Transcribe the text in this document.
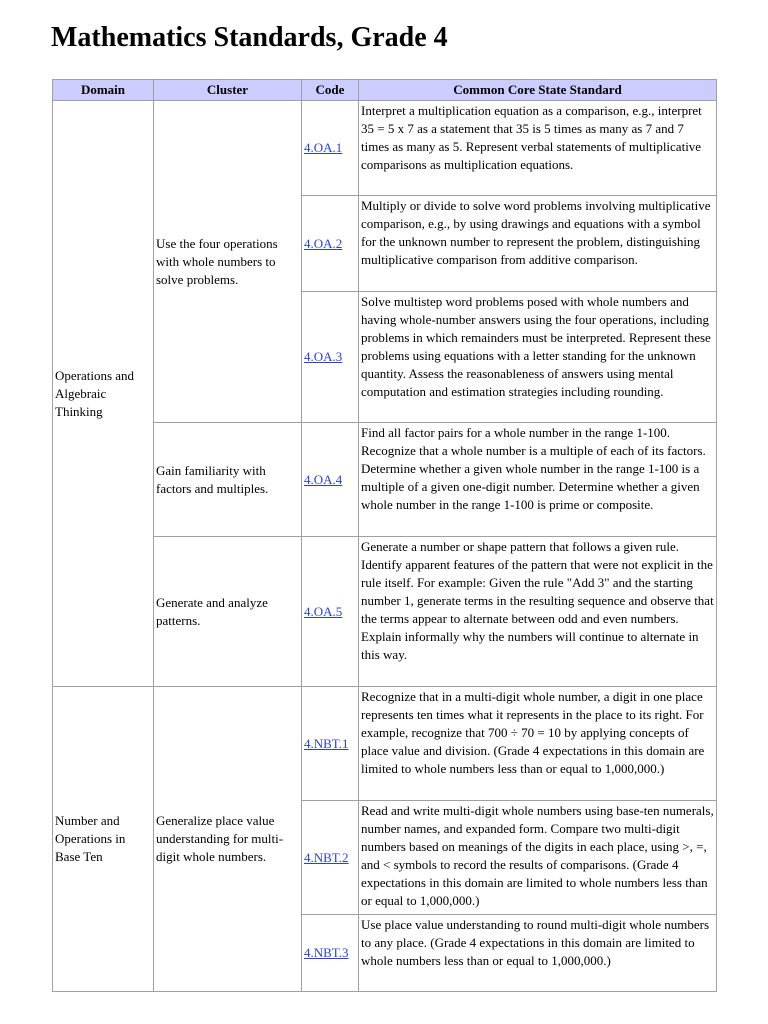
Mathematics Standards, Grade 4
Domain	Cluster	Code	Common Core State Standard
Operations and Algebraic Thinking	Use the four operations with whole numbers to solve problems.	4.OA.1	Interpret a multiplication equation as a comparison, e.g., interpret 35 = 5 x 7 as a statement that 35 is 5 times as many as 7 and 7 times as many as 5. Represent verbal statements of multiplicative comparisons as multiplication equations.
		4.OA.2	Multiply or divide to solve word problems involving multiplicative comparison, e.g., by using drawings and equations with a symbol for the unknown number to represent the problem, distinguishing multiplicative comparison from additive comparison.
		4.OA.3	Solve multistep word problems posed with whole numbers and having whole-number answers using the four operations, including problems in which remainders must be interpreted. Represent these problems using equations with a letter standing for the unknown quantity. Assess the reasonableness of answers using mental computation and estimation strategies including rounding.
	Gain familiarity with factors and multiples.	4.OA.4	Find all factor pairs for a whole number in the range 1-100. Recognize that a whole number is a multiple of each of its factors. Determine whether a given whole number in the range 1-100 is a multiple of a given one-digit number. Determine whether a given whole number in the range 1-100 is prime or composite.
	Generate and analyze patterns.	4.OA.5	Generate a number or shape pattern that follows a given rule. Identify apparent features of the pattern that were not explicit in the rule itself. For example: Given the rule "Add 3" and the starting number 1, generate terms in the resulting sequence and observe that the terms appear to alternate between odd and even numbers. Explain informally why the numbers will continue to alternate in this way.
Number and Operations in Base Ten	Generalize place value understanding for multi-digit whole numbers.	4.NBT.1	Recognize that in a multi-digit whole number, a digit in one place represents ten times what it represents in the place to its right. For example, recognize that 700 ÷ 70 = 10 by applying concepts of place value and division. (Grade 4 expectations in this domain are limited to whole numbers less than or equal to 1,000,000.)
		4.NBT.2	Read and write multi-digit whole numbers using base-ten numerals, number names, and expanded form. Compare two multi-digit numbers based on meanings of the digits in each place, using >, =, and < symbols to record the results of comparisons. (Grade 4 expectations in this domain are limited to whole numbers less than or equal to 1,000,000.)
		4.NBT.3	Use place value understanding to round multi-digit whole numbers to any place. (Grade 4 expectations in this domain are limited to whole numbers less than or equal to 1,000,000.)
